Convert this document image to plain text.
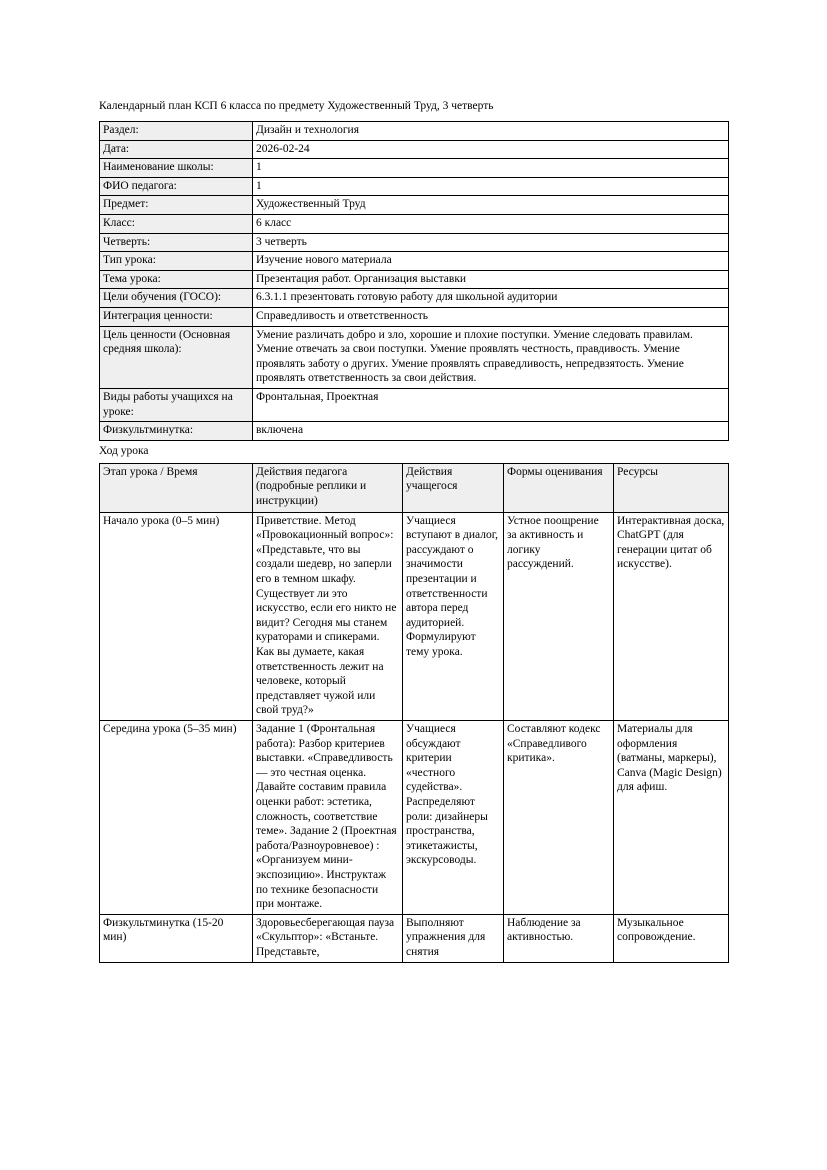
Календарный план КСП 6 класса по предмету Художественный Труд, 3 четверть
Раздел:	Дизайн и технология
Дата:	2026-02-24
Наименование школы:	1
ФИО педагога:	1
Предмет:	Художественный Труд
Класс:	6 класс
Четверть:	3 четверть
Тип урока:	Изучение нового материала
Тема урока:	Презентация работ. Организация выставки
Цели обучения (ГОСО):	6.3.1.1 презентовать готовую работу для школьной аудитории
Интеграция ценности:	Справедливость и ответственность
Цель ценности (Основная средняя школа):	Умение различать добро и зло, хорошие и плохие поступки. Умение следовать правилам. Умение отвечать за свои поступки. Умение проявлять честность, правдивость. Умение проявлять заботу о других. Умение проявлять справедливость, непредвзятость. Умение проявлять ответственность за свои действия.
Виды работы учащихся на уроке:	Фронтальная, Проектная
Физкультминутка:	включена
Ход урока
Этап урока / Время	Действия педагога (подробные реплики и инструкции)	Действия учащегося	Формы оценивания	Ресурсы
Начало урока (0–5 мин)	Приветствие. Метод «Провокационный вопрос»: «Представьте, что вы создали шедевр, но заперли его в темном шкафу. Существует ли это искусство, если его никто не видит? Сегодня мы станем кураторами и спикерами. Как вы думаете, какая ответственность лежит на человеке, который представляет чужой или свой труд?»	Учащиеся вступают в диалог, рассуждают о значимости презентации и ответственности автора перед аудиторией. Формулируют тему урока.	Устное поощрение за активность и логику рассуждений.	Интерактивная доска, ChatGPT (для генерации цитат об искусстве).
Середина урока (5–35 мин)	Задание 1 (Фронтальная работа): Разбор критериев выставки. «Справедливость — это честная оценка. Давайте составим правила оценки работ: эстетика, сложность, соответствие теме». Задание 2 (Проектная работа/Разноуровневое) : «Организуем мини-экспозицию». Инструктаж по технике безопасности при монтаже.	Учащиеся обсуждают критерии «честного судейства». Распределяют роли: дизайнеры пространства, этикетажисты, экскурсоводы.	Составляют кодекс «Справедливого критика».	Материалы для оформления (ватманы, маркеры), Canva (Magic Design) для афиш.
Физкультминутка (15-20 мин)	Здоровьесберегающая пауза «Скульптор»: «Встаньте. Представьте,	Выполняют упражнения для снятия	Наблюдение за активностью.	Музыкальное сопровождение.
